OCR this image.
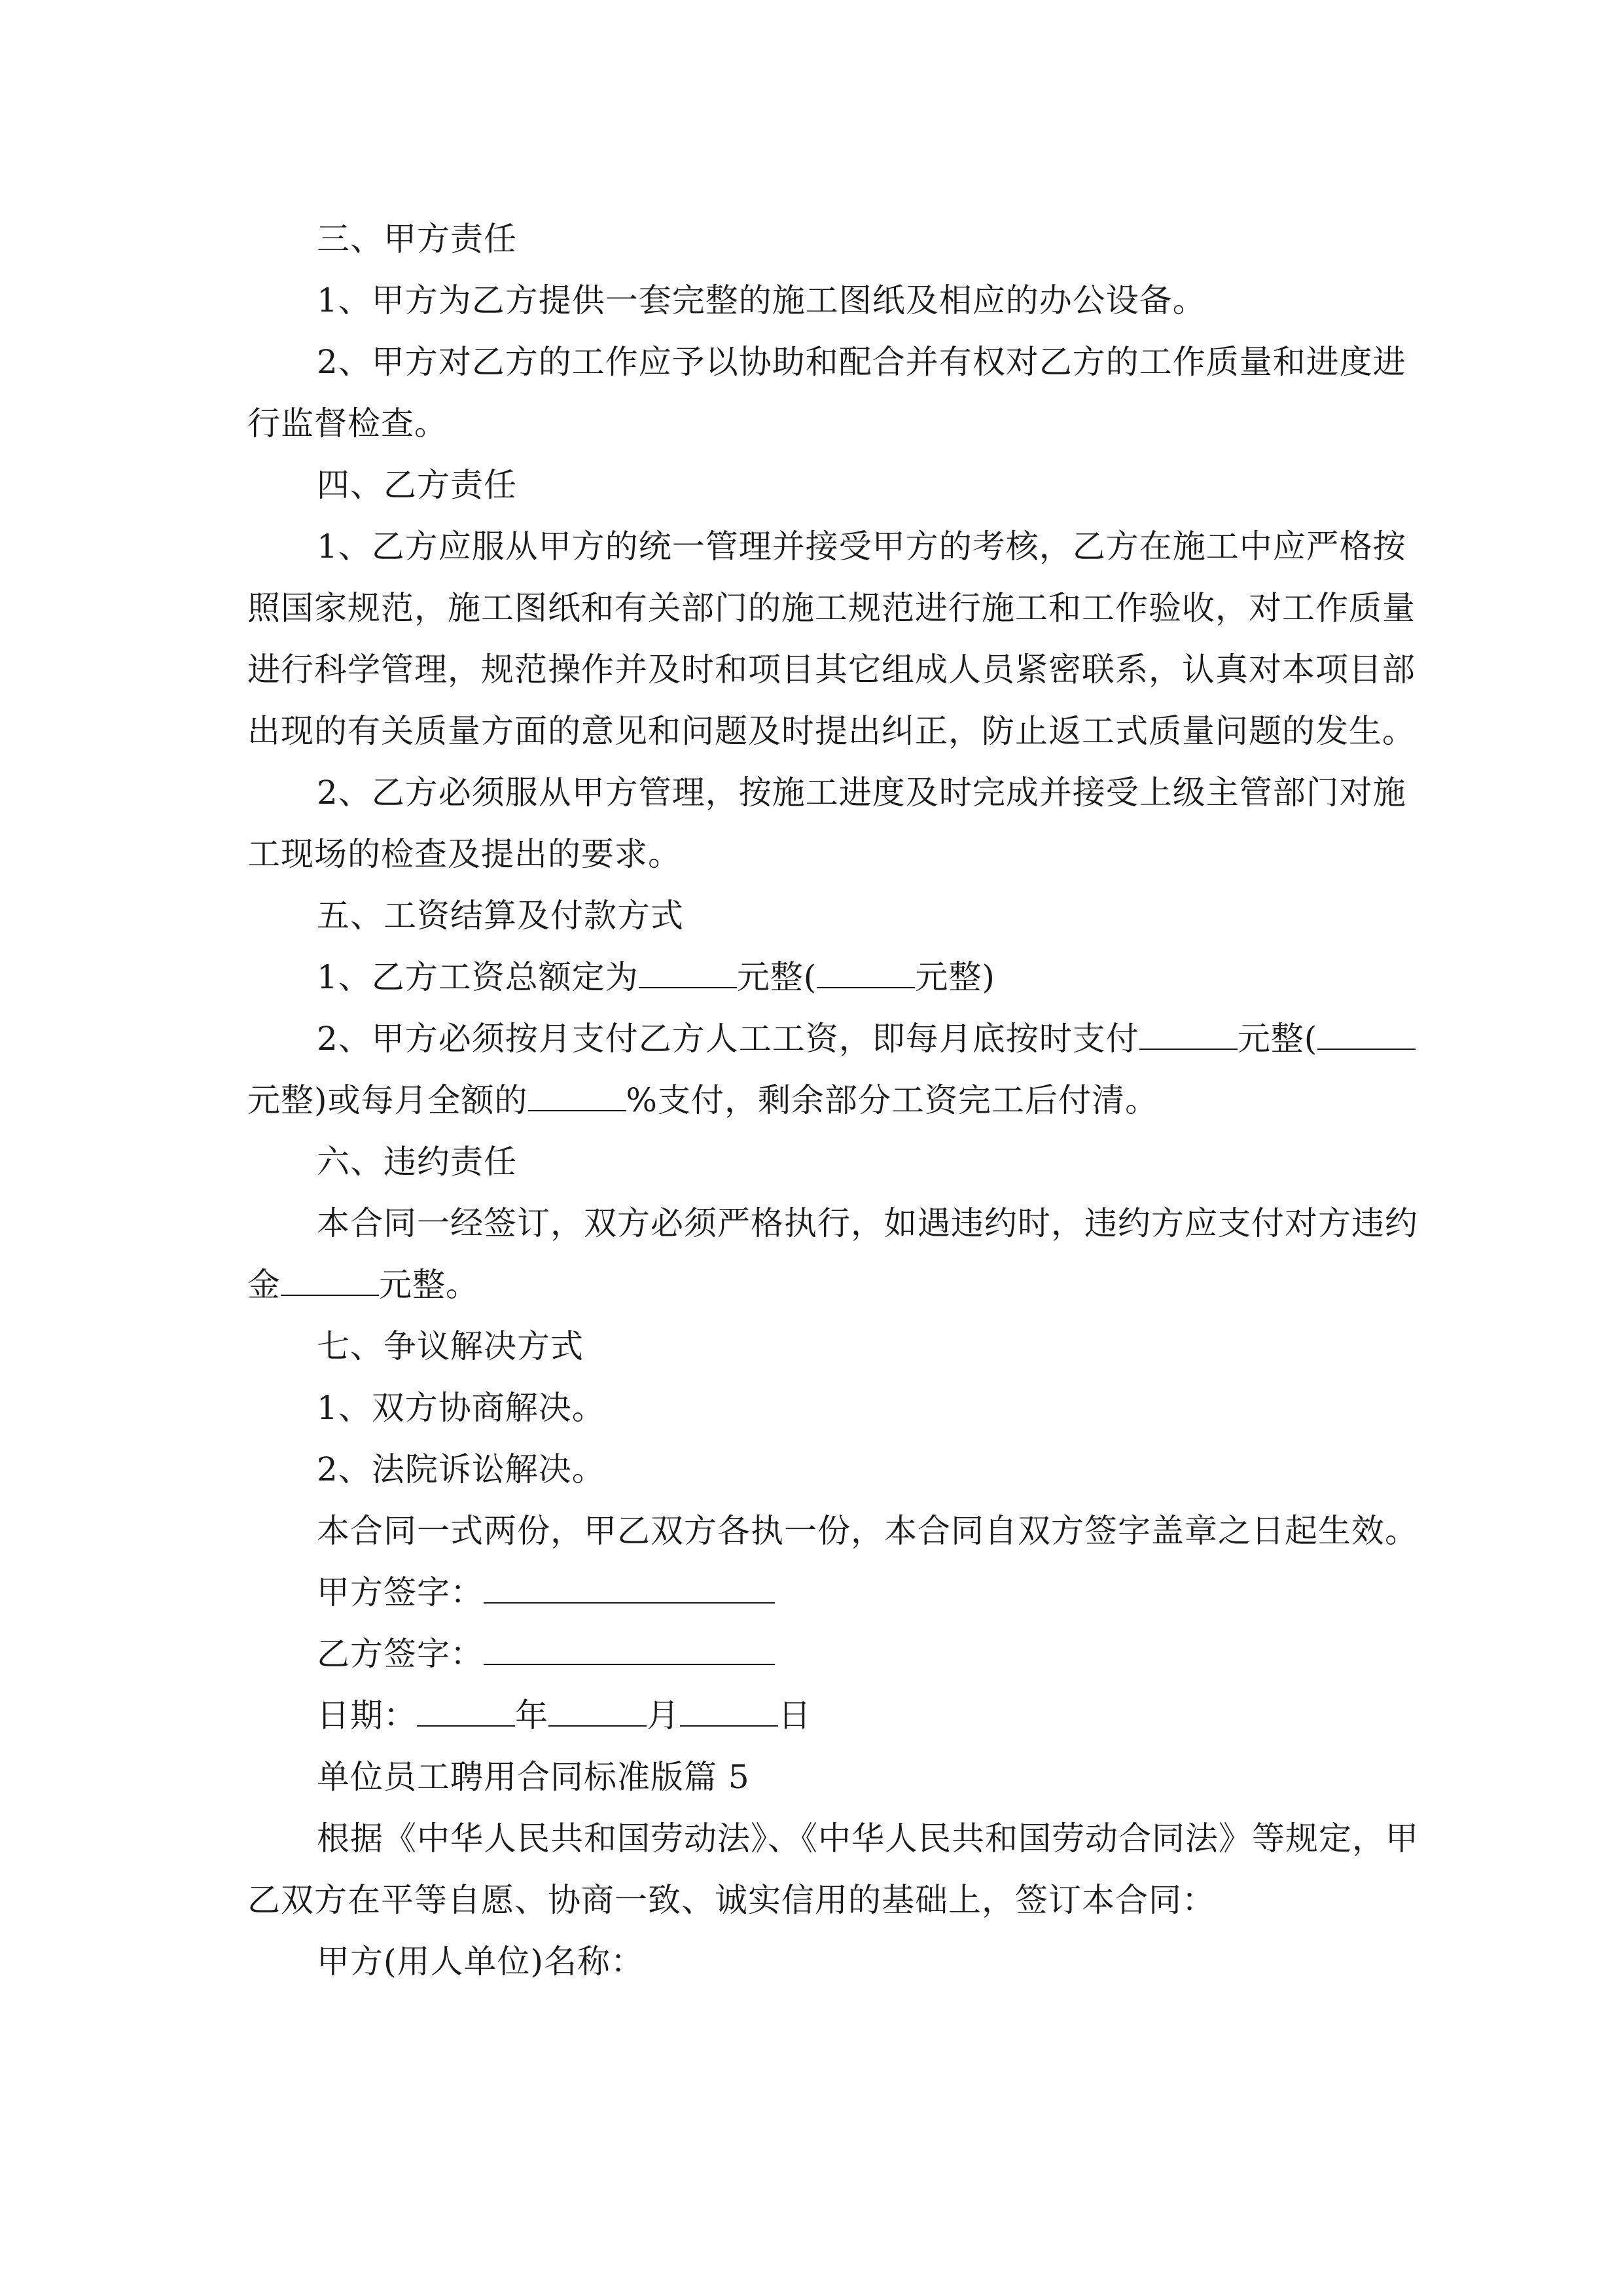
三、甲方责任

1、甲方为乙方提供一套完整的施工图纸及相应的办公设备。

2、甲方对乙方的工作应予以协助和配合并有权对乙方的工作质量和进度进

行监督检查。

四、乙方责任

1、乙方应服从甲方的统一管理并接受甲方的考核，乙方在施工中应严格按

照国家规范，施工图纸和有关部门的施工规范进行施工和工作验收，对工作质量

进行科学管理，规范操作并及时和项目其它组成人员紧密联系，认真对本项目部

出现的有关质量方面的意见和问题及时提出纠正，防止返工式质量问题的发生。

2、乙方必须服从甲方管理，按施工进度及时完成并接受上级主管部门对施

工现场的检查及提出的要求。

五、工资结算及付款方式

1、乙方工资总额定为	元整(	元整)

2、甲方必须按月支付乙方人工工资，即每月底按时支付	元整(

元整)或每月全额的	%支付，剩余部分工资完工后付清。

六、违约责任

本合同一经签订，双方必须严格执行，如遇违约时，违约方应支付对方违约

金	元整。

七、争议解决方式

1、双方协商解决。

2、法院诉讼解决。

本合同一式两份，甲乙双方各执一份，本合同自双方签字盖章之日起生效。

甲方签字：

乙方签字：

日期：	年	月	日

单位员工聘用合同标准版篇 5

根据《中华人民共和国劳动法》、《中华人民共和国劳动合同法》等规定，甲

乙双方在平等自愿、协商一致、诚实信用的基础上，签订本合同：

甲方(用人单位)名称：
